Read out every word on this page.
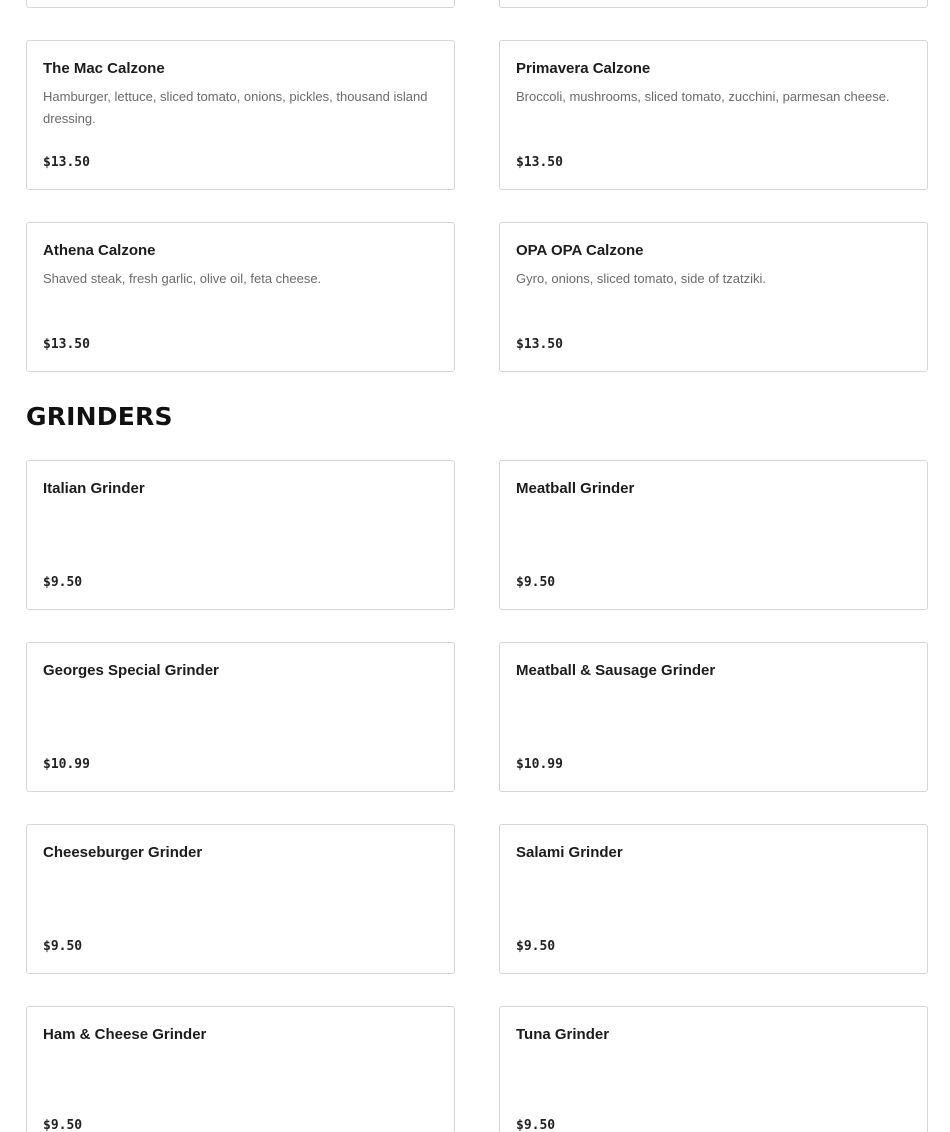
The Mac Calzone
Hamburger, lettuce, sliced tomato, onions, pickles, thousand island dressing.
$13.50
Primavera Calzone
Broccoli, mushrooms, sliced tomato, zucchini, parmesan cheese.
$13.50
Athena Calzone
Shaved steak, fresh garlic, olive oil, feta cheese.
$13.50
OPA OPA Calzone
Gyro, onions, sliced tomato, side of tzatziki.
$13.50
GRINDERS
Italian Grinder
$9.50
Meatball Grinder
$9.50
Georges Special Grinder
$10.99
Meatball & Sausage Grinder
$10.99
Cheeseburger Grinder
$9.50
Salami Grinder
$9.50
Ham & Cheese Grinder
$9.50
Tuna Grinder
$9.50
